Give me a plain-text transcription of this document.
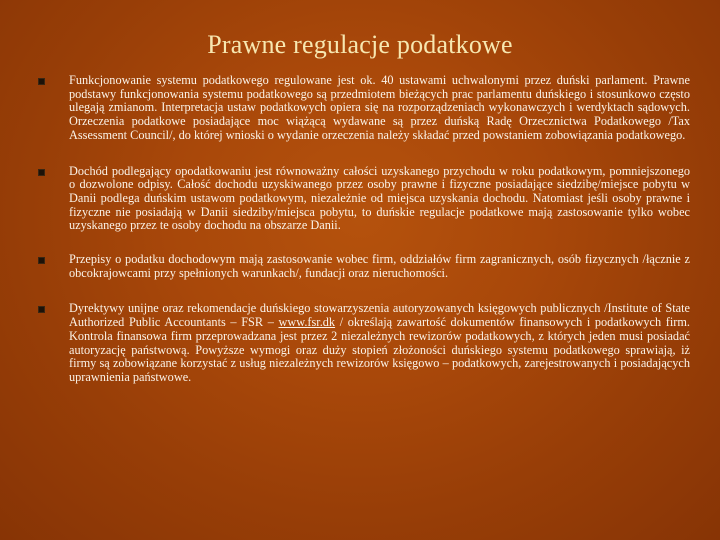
Prawne regulacje podatkowe
Funkcjonowanie systemu podatkowego regulowane jest ok. 40 ustawami uchwalonymi przez duński parlament. Prawne podstawy funkcjonowania systemu podatkowego są przedmiotem bieżących prac parlamentu duńskiego i stosunkowo często ulegają zmianom. Interpretacja ustaw podatkowych opiera się na rozporządzeniach wykonawczych i werdyktach sądowych. Orzeczenia podatkowe posiadające moc wiążącą wydawane są przez duńską Radę Orzecznictwa Podatkowego /Tax Assessment Council/, do której wnioski o wydanie orzeczenia należy składać przed powstaniem zobowiązania podatkowego.
Dochód podlegający opodatkowaniu jest równoważny całości uzyskanego przychodu w roku podatkowym, pomniejszonego o dozwolone odpisy. Całość dochodu uzyskiwanego przez osoby prawne i fizyczne posiadające siedzibę/miejsce pobytu w Danii podlega duńskim ustawom podatkowym, niezależnie od miejsca uzyskania dochodu. Natomiast jeśli osoby prawne i fizyczne nie posiadają w Danii siedziby/miejsca pobytu, to duńskie regulacje podatkowe mają zastosowanie tylko wobec uzyskanego przez te osoby dochodu na obszarze Danii.
Przepisy o podatku dochodowym mają zastosowanie wobec firm, oddziałów firm zagranicznych, osób fizycznych /łącznie z obcokrajowcami przy spełnionych warunkach/, fundacji oraz nieruchomości.
Dyrektywy unijne oraz rekomendacje duńskiego stowarzyszenia autoryzowanych księgowych publicznych /Institute of State Authorized Public Accountants – FSR – www.fsr.dk / określają zawartość dokumentów finansowych i podatkowych firm. Kontrola finansowa firm przeprowadzana jest przez 2 niezależnych rewizorów podatkowych, z których jeden musi posiadać autoryzację państwową. Powyższe wymogi oraz duży stopień złożoności duńskiego systemu podatkowego sprawiają, iż firmy są zobowiązane korzystać z usług niezależnych rewizorów księgowo – podatkowych, zarejestrowanych i posiadających uprawnienia państwowe.
